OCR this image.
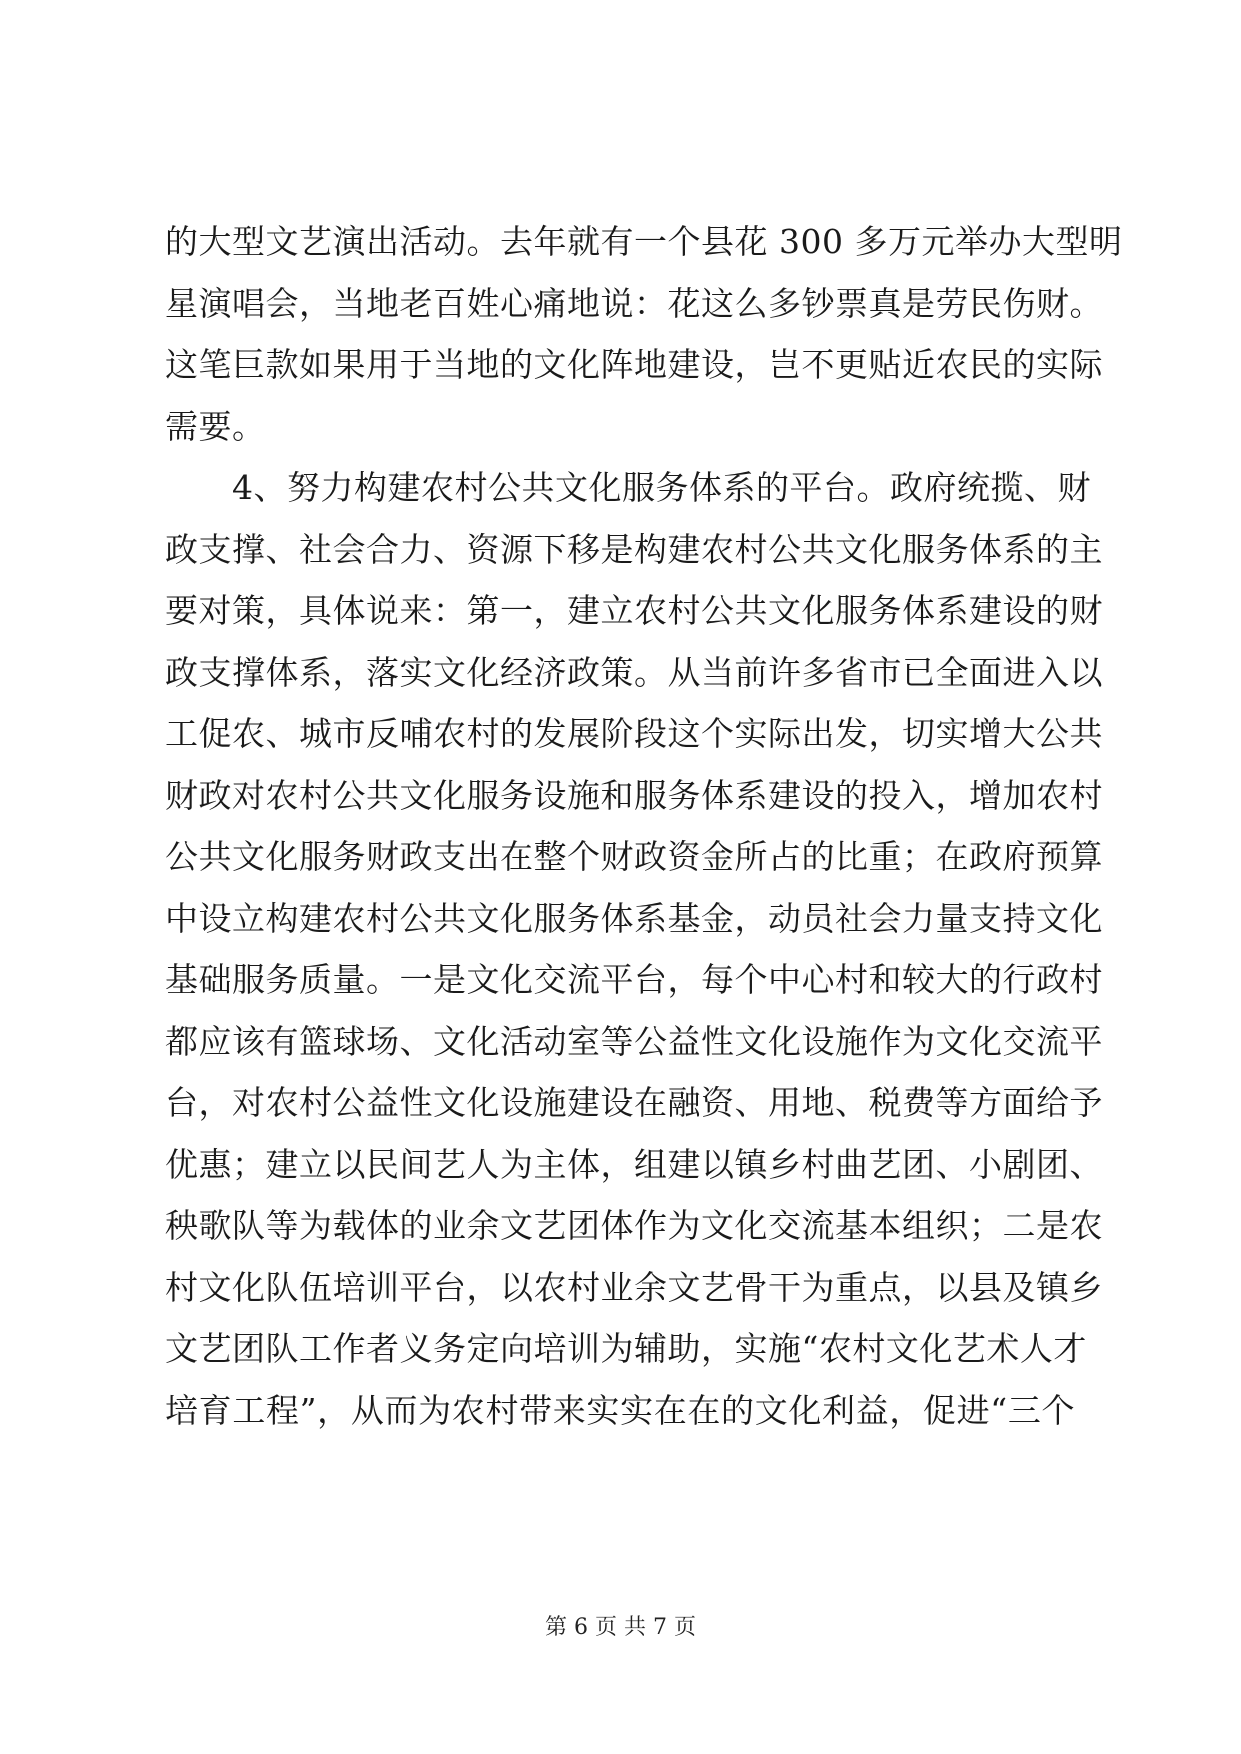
的大型文艺演出活动。去年就有一个县花 300 多万元举办大型明
星演唱会，当地老百姓心痛地说：花这么多钞票真是劳民伤财。
这笔巨款如果用于当地的文化阵地建设，岂不更贴近农民的实际
需要。
　　4、努力构建农村公共文化服务体系的平台。政府统揽、财
政支撑、社会合力、资源下移是构建农村公共文化服务体系的主
要对策，具体说来：第一，建立农村公共文化服务体系建设的财
政支撑体系，落实文化经济政策。从当前许多省市已全面进入以
工促农、城市反哺农村的发展阶段这个实际出发，切实增大公共
财政对农村公共文化服务设施和服务体系建设的投入，增加农村
公共文化服务财政支出在整个财政资金所占的比重；在政府预算
中设立构建农村公共文化服务体系基金，动员社会力量支持文化
基础服务质量。一是文化交流平台，每个中心村和较大的行政村
都应该有篮球场、文化活动室等公益性文化设施作为文化交流平
台，对农村公益性文化设施建设在融资、用地、税费等方面给予
优惠；建立以民间艺人为主体，组建以镇乡村曲艺团、小剧团、
秧歌队等为载体的业余文艺团体作为文化交流基本组织；二是农
村文化队伍培训平台，以农村业余文艺骨干为重点，以县及镇乡
文艺团队工作者义务定向培训为辅助，实施“农村文化艺术人才
培育工程”，从而为农村带来实实在在的文化利益，促进“三个
第 6 页 共 7 页
